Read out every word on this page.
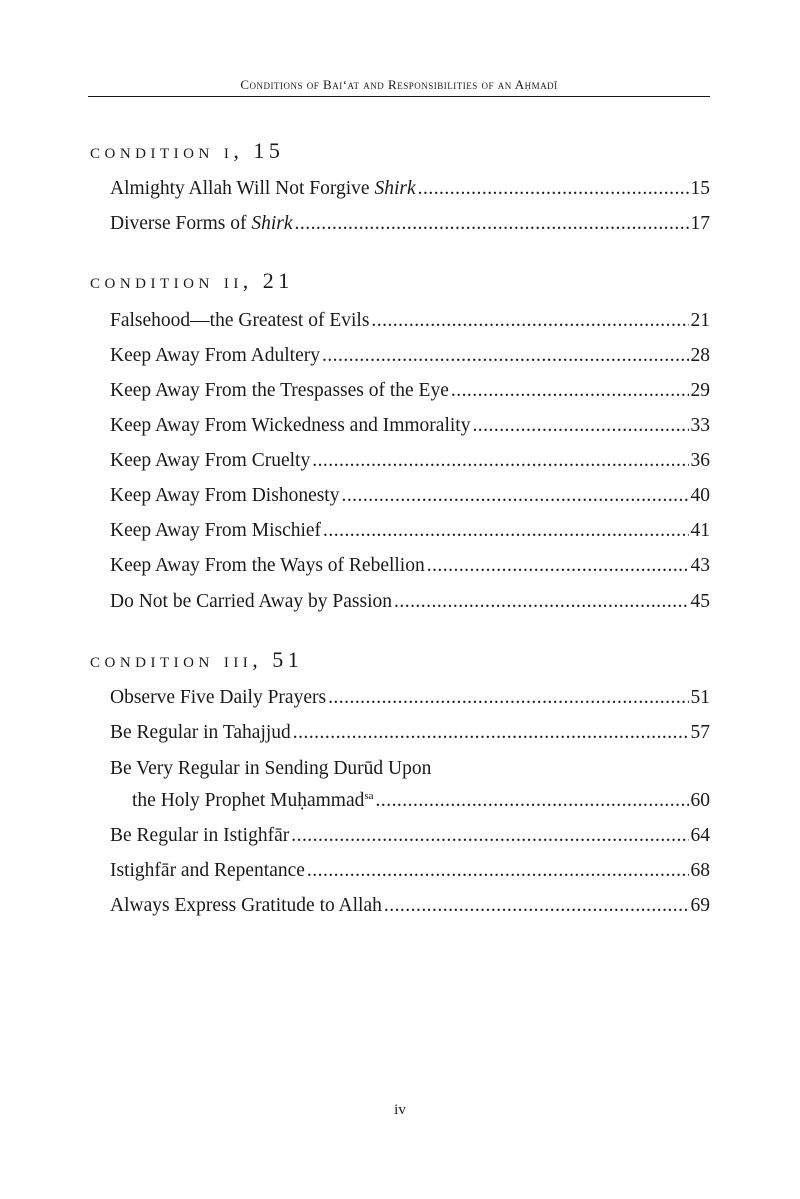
Conditions of Bai‘at and Responsibilities of an Aḥmadī
condition i, 15
15
Almighty Allah Will Not Forgive Shirk
. . .
17
Diverse Forms of Shirk
. . .
condition ii, 21
21
Falsehood—the Greatest of Evils
. . .
28
Keep Away From Adultery
. . .
29
Keep Away From the Trespasses of the Eye
. . .
33
Keep Away From Wickedness and Immorality
. . .
36
Keep Away From Cruelty
. . .
40
Keep Away From Dishonesty
. . .
41
Keep Away From Mischief
. . .
43
Keep Away From the Ways of Rebellion
. . .
45
Do Not be Carried Away by Passion
. . .
condition iii, 51
51
Observe Five Daily Prayers
. . .
57
Be Regular in Tahajjud
. . .
Be Very Regular in Sending Durūd Upon
60
the Holy Prophet Muḥammad$^{sa}$
. . .
64
Be Regular in Istighfār
. . .
68
Istighfār and Repentance
. . .
69
Always Express Gratitude to Allah
. . .
iv
